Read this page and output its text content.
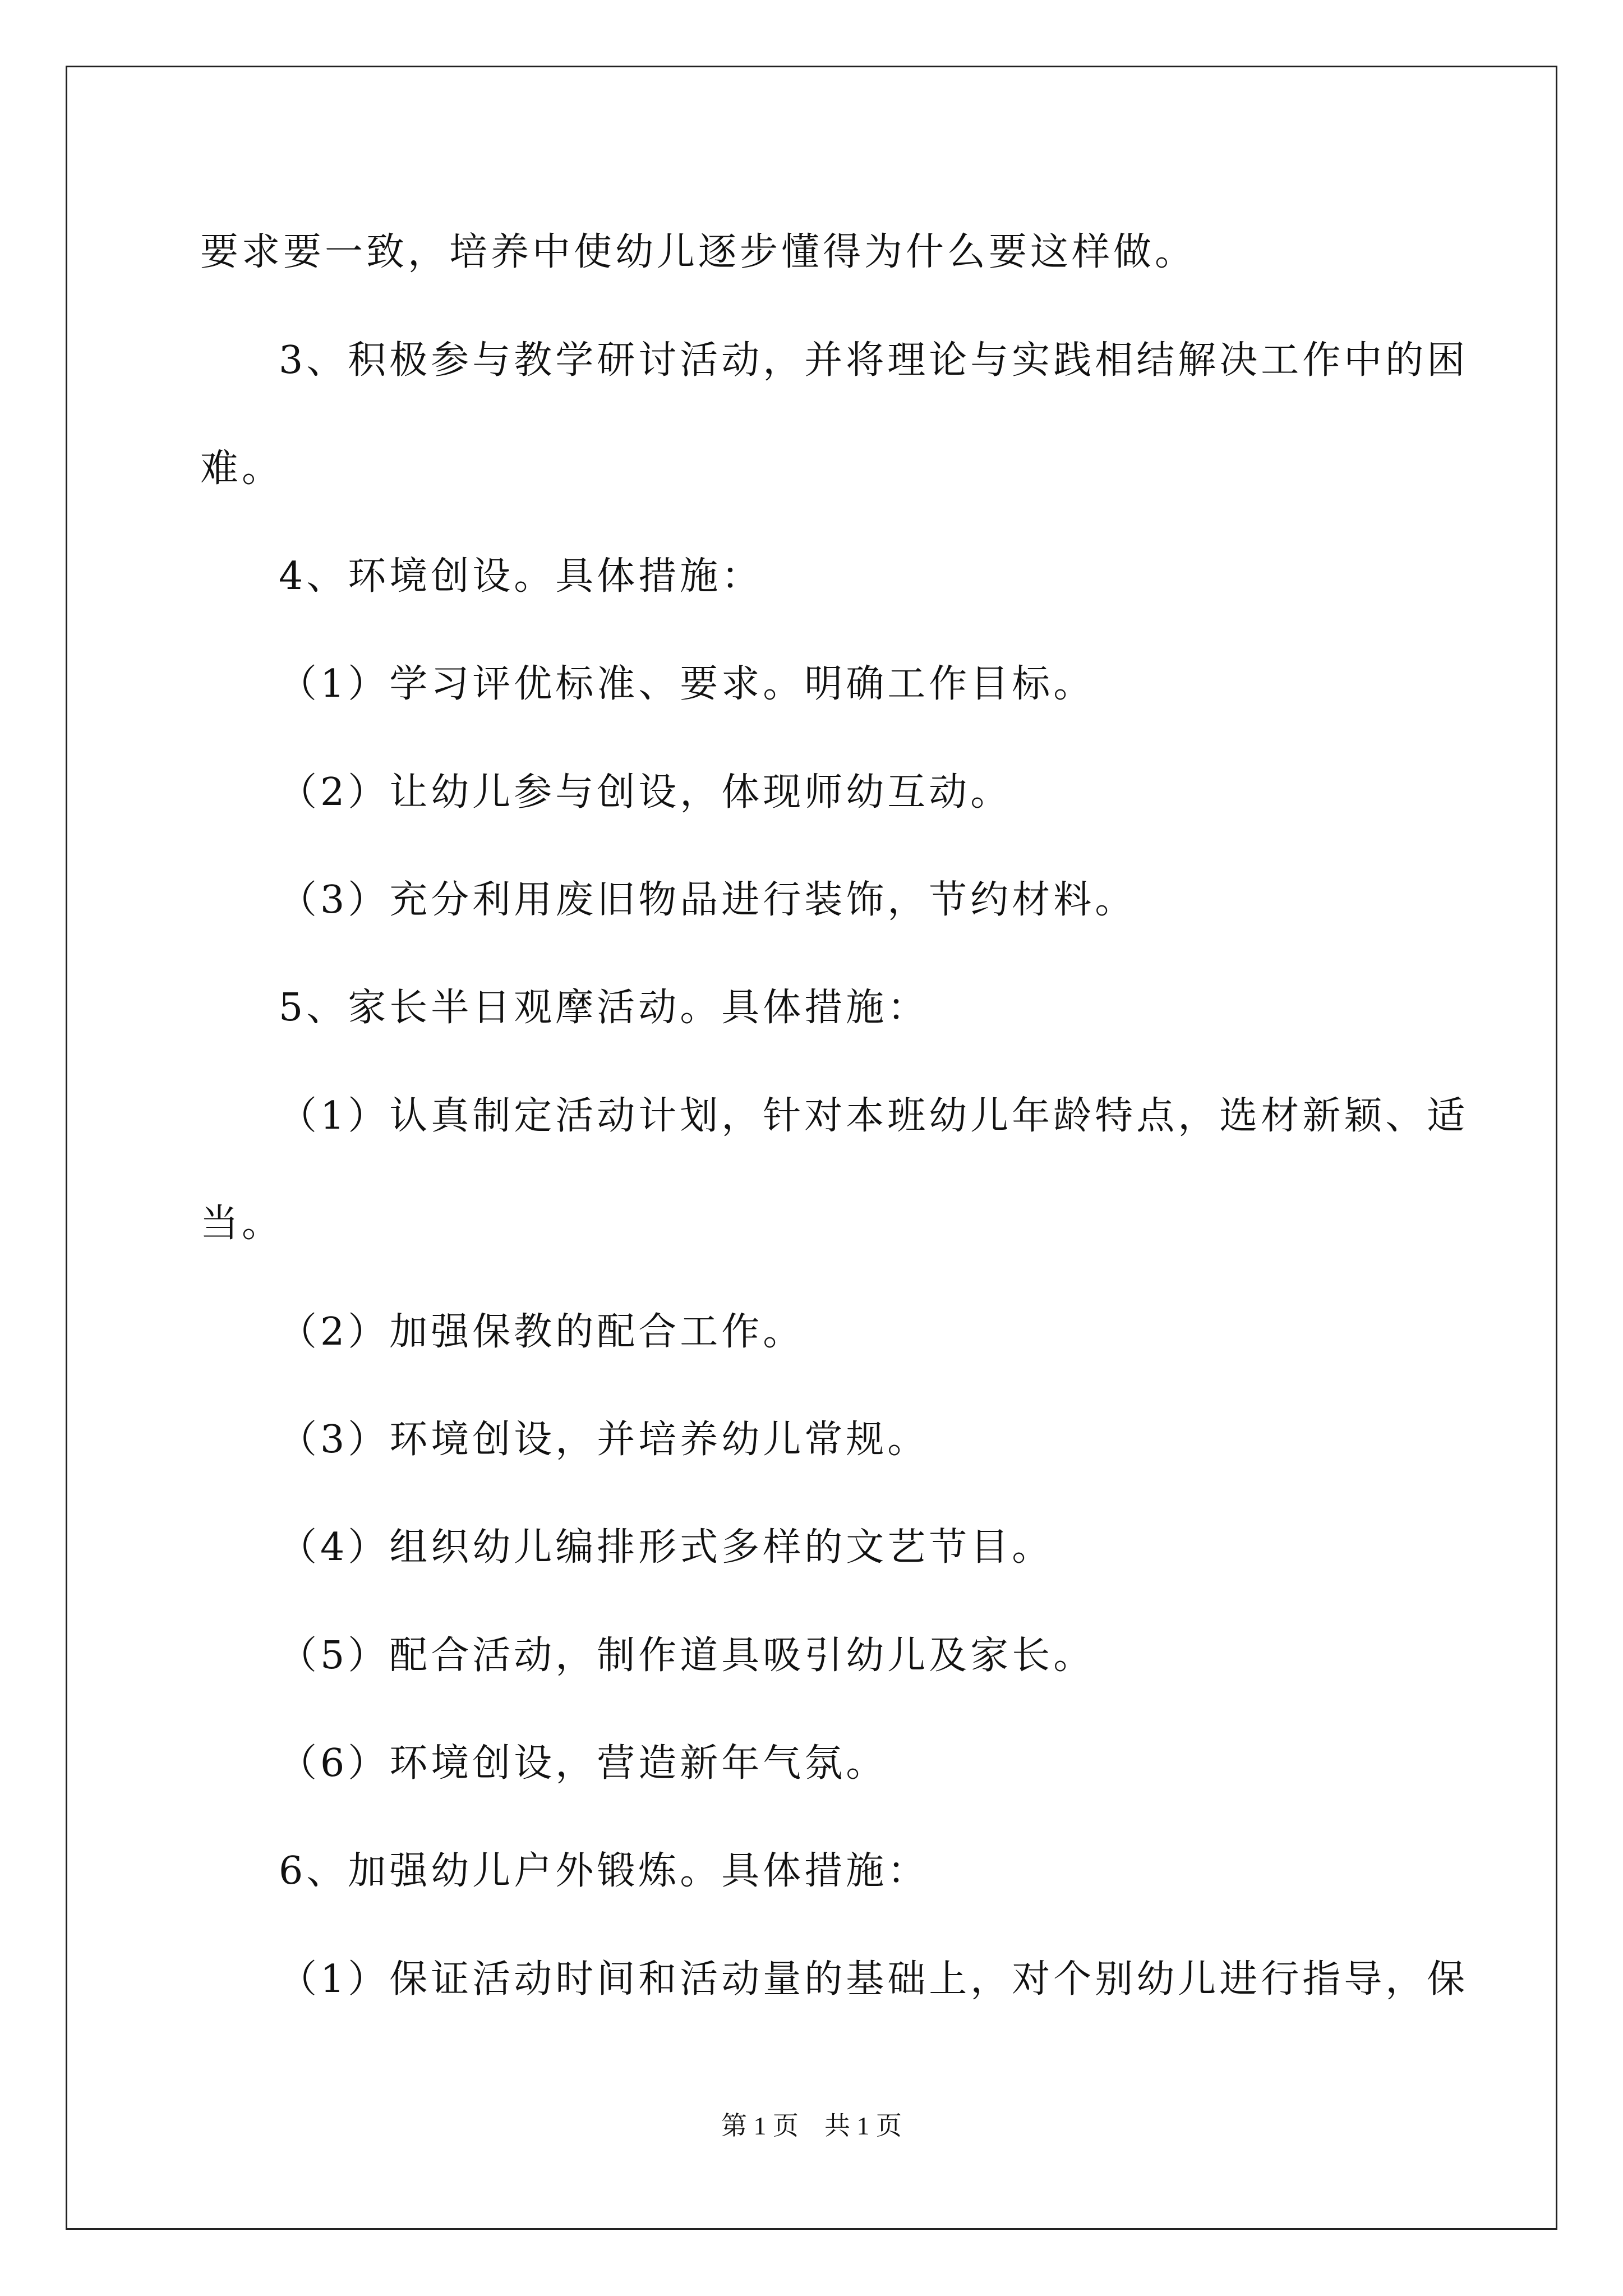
要求要一致，培养中使幼儿逐步懂得为什么要这样做。
3、积极参与教学研讨活动，并将理论与实践相结解决工作中的困
难。
4、环境创设。具体措施：
（1）学习评优标准、要求。明确工作目标。
（2）让幼儿参与创设，体现师幼互动。
（3）充分利用废旧物品进行装饰，节约材料。
5、家长半日观摩活动。具体措施：
（1）认真制定活动计划，针对本班幼儿年龄特点，选材新颖、适
当。
（2）加强保教的配合工作。
（3）环境创设，并培养幼儿常规。
（4）组织幼儿编排形式多样的文艺节目。
（5）配合活动，制作道具吸引幼儿及家长。
（6）环境创设，营造新年气氛。
6、加强幼儿户外锻炼。具体措施：
（1）保证活动时间和活动量的基础上，对个别幼儿进行指导，保
第 1 页　共 1 页
